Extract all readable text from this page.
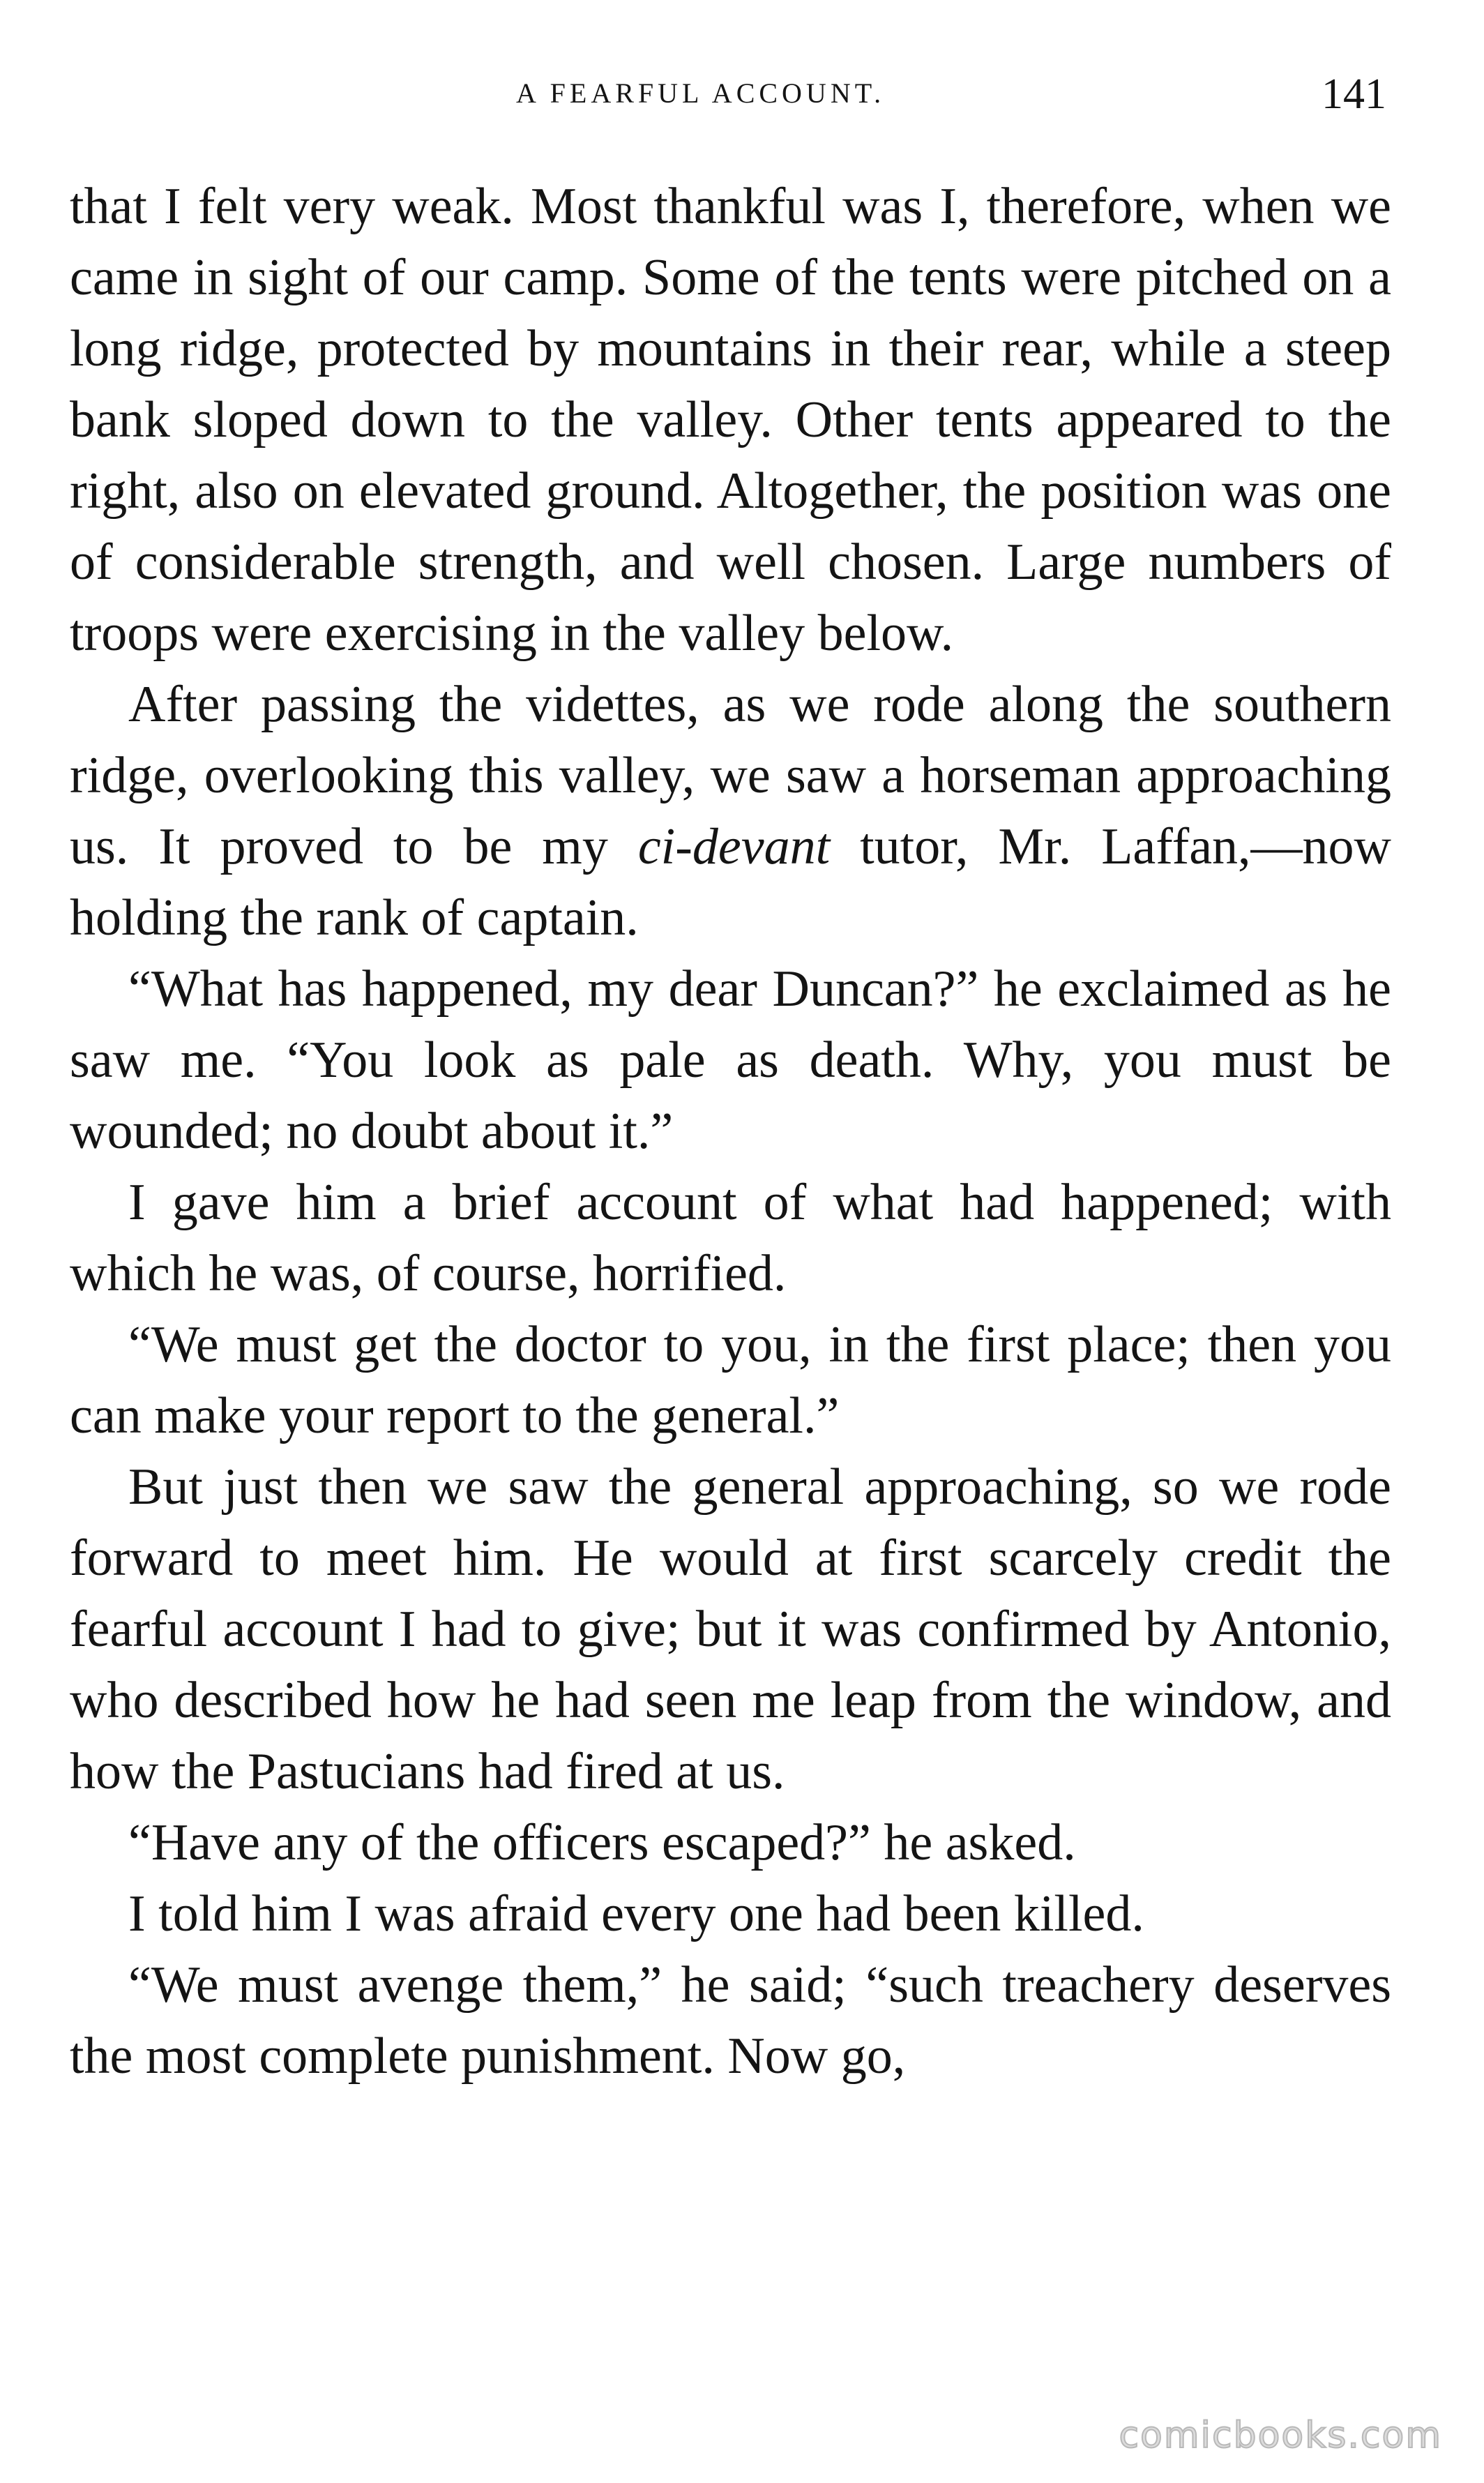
A FEARFUL ACCOUNT.	141

that I felt very weak. Most thankful was I, therefore, when we came in sight of our camp. Some of the tents were pitched on a long ridge, protected by mountains in their rear, while a steep bank sloped down to the valley. Other tents appeared to the right, also on elevated ground. Altogether, the position was one of considerable strength, and well chosen. Large numbers of troops were exercising in the valley below.

After passing the videttes, as we rode along the southern ridge, overlooking this valley, we saw a horseman approaching us. It proved to be my ci-devant tutor, Mr. Laffan,—now holding the rank of captain.

“What has happened, my dear Duncan?” he exclaimed as he saw me. “You look as pale as death. Why, you must be wounded; no doubt about it.”

I gave him a brief account of what had happened; with which he was, of course, horrified.

“We must get the doctor to you, in the first place; then you can make your report to the general.”

But just then we saw the general approaching, so we rode forward to meet him. He would at first scarcely credit the fearful account I had to give; but it was confirmed by Antonio, who described how he had seen me leap from the window, and how the Pastucians had fired at us.

“Have any of the officers escaped?” he asked.

I told him I was afraid every one had been killed.

“We must avenge them,” he said; “such treachery deserves the most complete punishment. Now go,

comicbooks.com
